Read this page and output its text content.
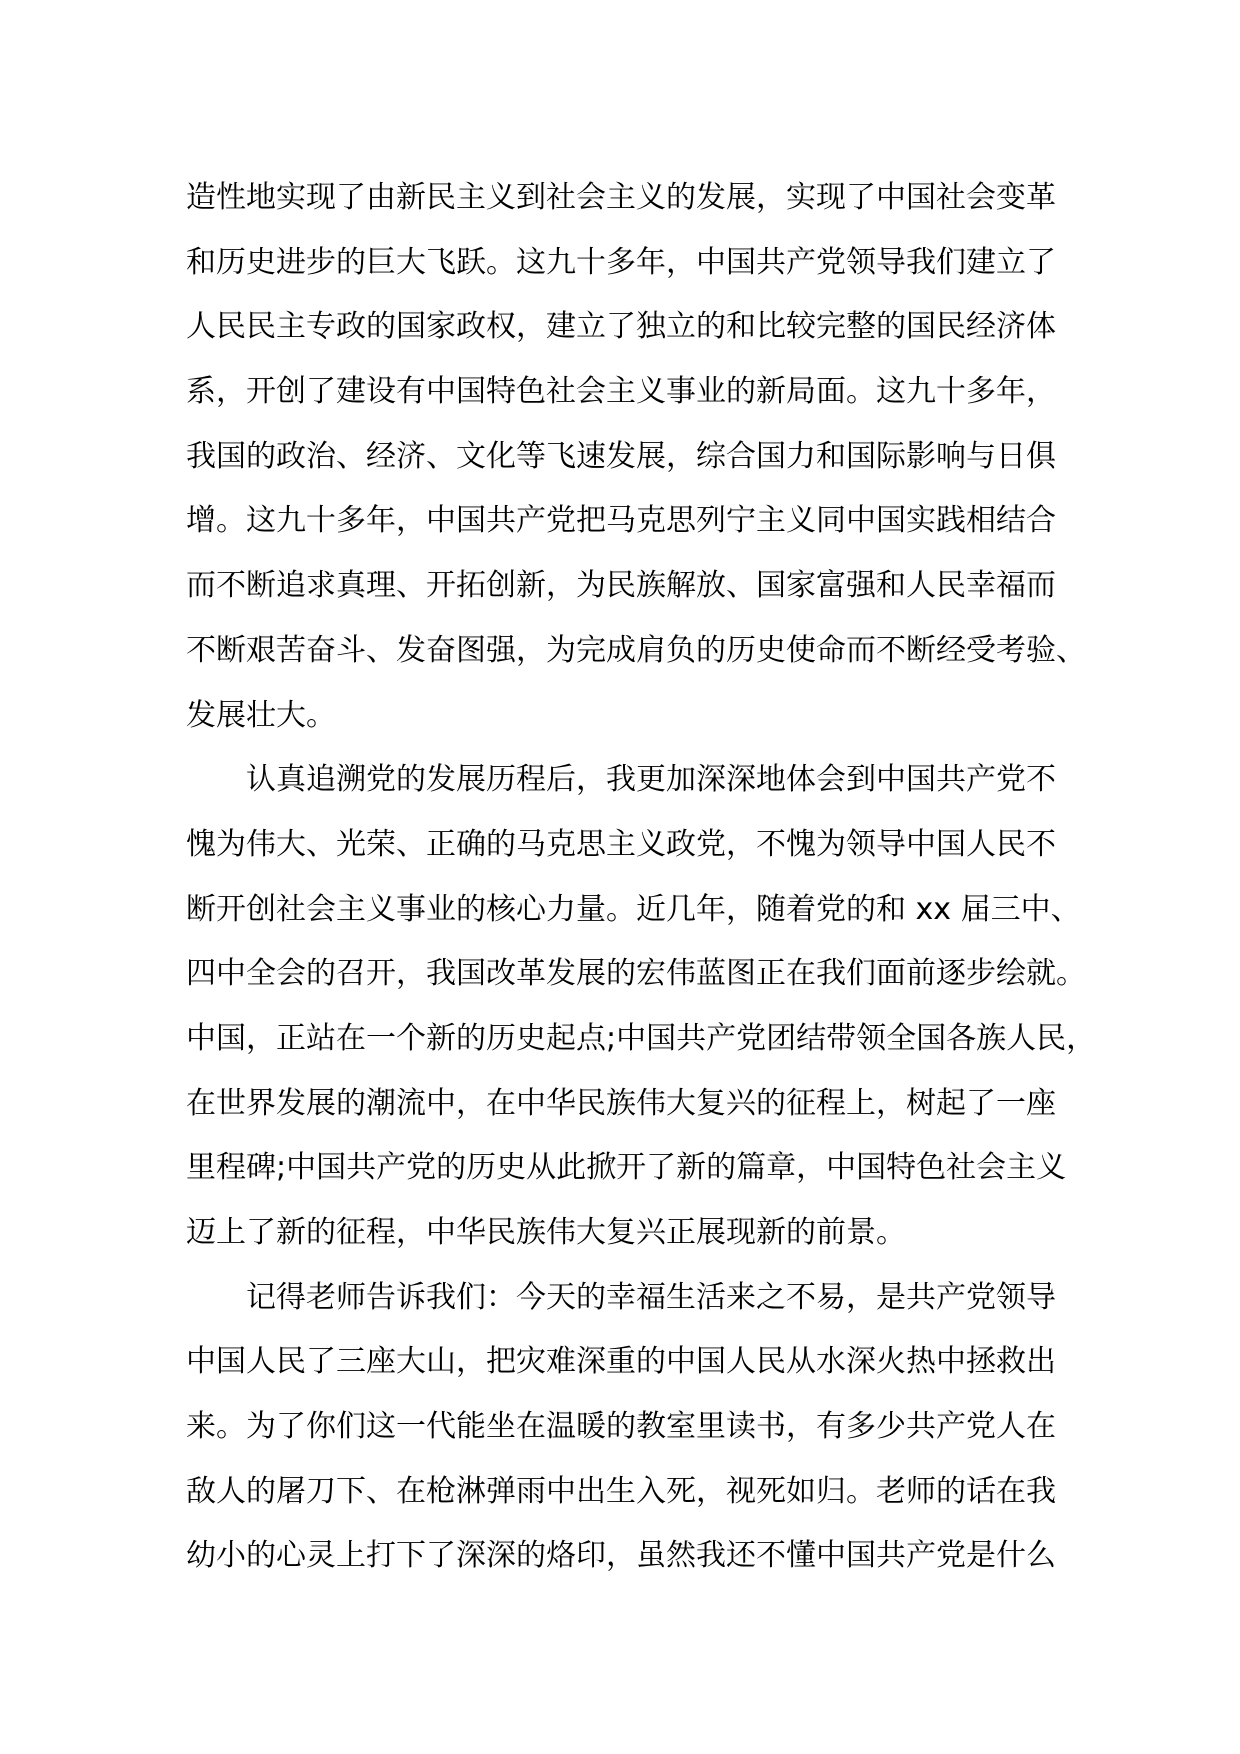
造性地实现了由新民主义到社会主义的发展，实现了中国社会变革
和历史进步的巨大飞跃。这九十多年，中国共产党领导我们建立了
人民民主专政的国家政权，建立了独立的和比较完整的国民经济体
系，开创了建设有中国特色社会主义事业的新局面。这九十多年，
我国的政治、经济、文化等飞速发展，综合国力和国际影响与日俱
增。这九十多年，中国共产党把马克思列宁主义同中国实践相结合
而不断追求真理、开拓创新，为民族解放、国家富强和人民幸福而
不断艰苦奋斗、发奋图强，为完成肩负的历史使命而不断经受考验、
发展壮大。
认真追溯党的发展历程后，我更加深深地体会到中国共产党不
愧为伟大、光荣、正确的马克思主义政党，不愧为领导中国人民不
断开创社会主义事业的核心力量。近几年，随着党的和 xx 届三中、
四中全会的召开，我国改革发展的宏伟蓝图正在我们面前逐步绘就。
中国，正站在一个新的历史起点;中国共产党团结带领全国各族人民，
在世界发展的潮流中，在中华民族伟大复兴的征程上，树起了一座
里程碑;中国共产党的历史从此掀开了新的篇章，中国特色社会主义
迈上了新的征程，中华民族伟大复兴正展现新的前景。
记得老师告诉我们：今天的幸福生活来之不易，是共产党领导
中国人民了三座大山，把灾难深重的中国人民从水深火热中拯救出
来。为了你们这一代能坐在温暖的教室里读书，有多少共产党人在
敌人的屠刀下、在枪淋弹雨中出生入死，视死如归。老师的话在我
幼小的心灵上打下了深深的烙印，虽然我还不懂中国共产党是什么
